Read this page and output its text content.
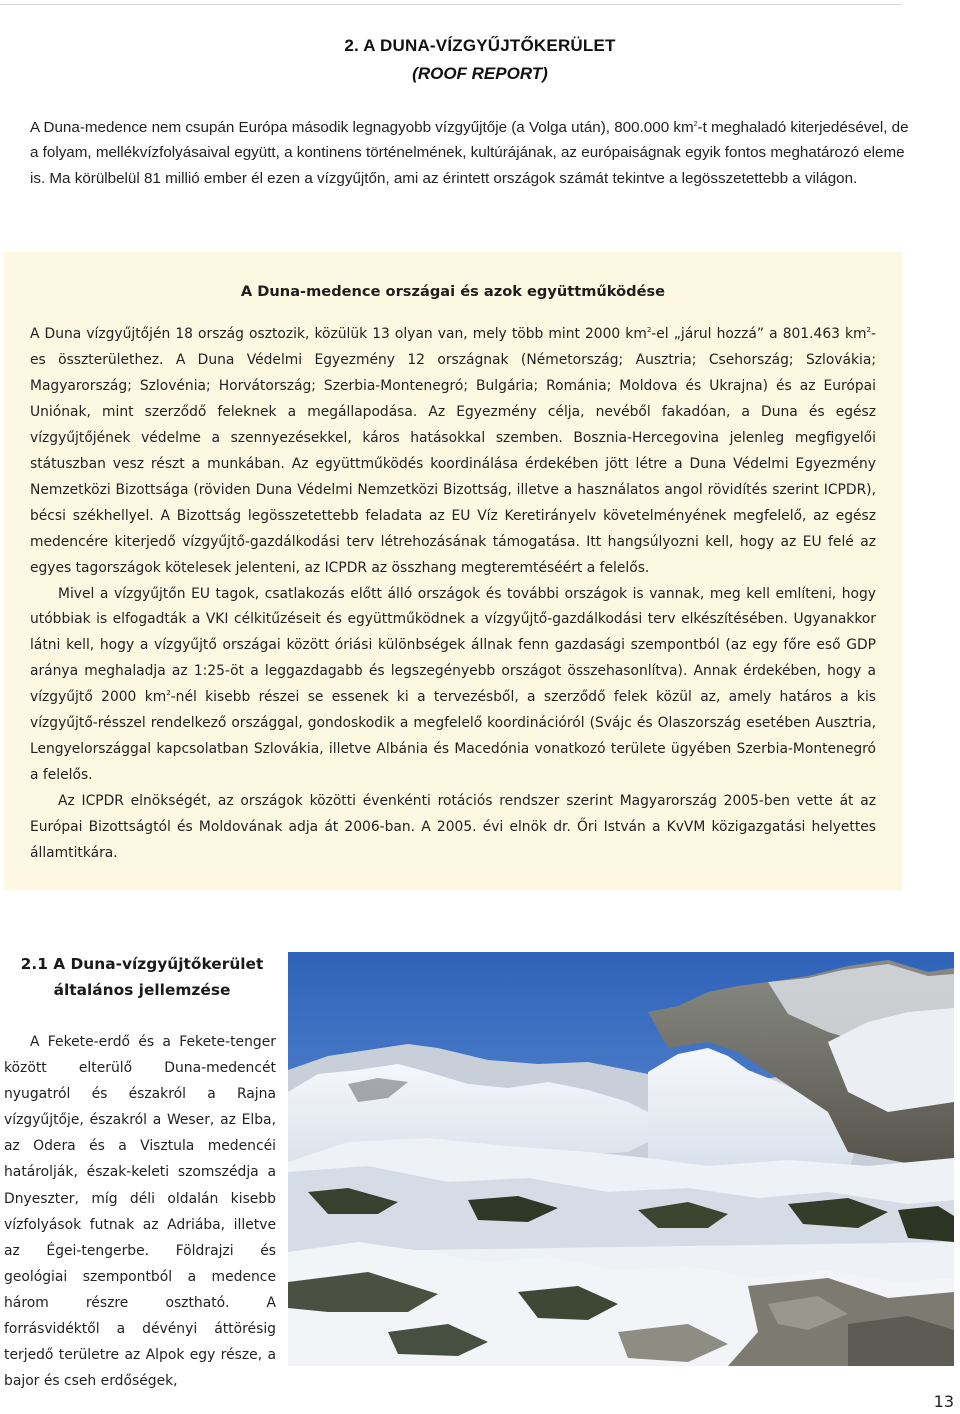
2. A DUNA-VÍZGYŰJTŐKERÜLET
(ROOF REPORT)

A Duna-medence nem csupán Európa második legnagyobb vízgyűjtője (a Volga után), 800.000 $km^2-t$ meghaladó kiterjedésével, de a folyam, mellékvízfolyásaival együtt, a kontinens történelmének, kultúrájának, az európaiságnak egyik fontos meghatározó eleme is. Ma körülbelül 81 millió ember él ezen a vízgyűjtőn, ami az érintett országok számát tekintve a legösszetettebb a világon.

A Duna-medence országai és azok együttműködése

A Duna vízgyűjtőjén 18 ország osztozik, közülük 13 olyan van, mely több mint 2000 $km^2-el$ „járul hozzá” a 801.463 $km^2-es$ összterülethez. A Duna Védelmi Egyezmény 12 országnak (Németország; Ausztria; Csehország; Szlovákia; Magyarország; Szlovénia; Horvátország; Szerbia-Montenegró; Bulgária; Románia; Moldova és Ukrajna) és az Európai Uniónak, mint szerződő feleknek a megállapodása. Az Egyezmény célja, nevéből fakadóan, a Duna és egész vízgyűjtőjének védelme a szennyezésekkel, káros hatásokkal szemben. Bosznia-Hercegovina jelenleg megfigyelői státuszban vesz részt a munkában. Az együttműködés koordinálása érdekében jött létre a Duna Védelmi Egyezmény Nemzetközi Bizottsága (röviden Duna Védelmi Nemzetközi Bizottság, illetve a használatos angol rövidítés szerint ICPDR), bécsi székhellyel. A Bizottság legösszetettebb feladata az EU Víz Keretirányelv követelményének megfelelő, az egész medencére kiterjedő vízgyűjtő-gazdálkodási terv létrehozásának támogatása. Itt hangsúlyozni kell, hogy az EU felé az egyes tagországok kötelesek jelenteni, az ICPDR az összhang megteremtéséért a felelős.

Mivel a vízgyűjtőn EU tagok, csatlakozás előtt álló országok és további országok is vannak, meg kell említeni, hogy utóbbiak is elfogadták a VKI célkitűzéseit és együttműködnek a vízgyűjtő-gazdálkodási terv elkészítésében. Ugyanakkor látni kell, hogy a vízgyűjtő országai között óriási különbségek állnak fenn gazdasági szempontból (az egy főre eső GDP aránya meghaladja az 1:25-öt a leggazdagabb és legszegényebb országot összehasonlítva). Annak érdekében, hogy a vízgyűjtő 2000 $km^2$-nél kisebb részei se essenek ki a tervezésből, a szerződő felek közül az, amely határos a kis vízgyűjtő-résszel rendelkező országgal, gondoskodik a megfelelő koordinációról (Svájc és Olaszország esetében Ausztria, Lengyelországgal kapcsolatban Szlovákia, illetve Albánia és Macedónia vonatkozó területe ügyében Szerbia-Montenegró a felelős.

Az ICPDR elnökségét, az országok közötti évenkénti rotációs rendszer szerint Magyarország 2005-ben vette át az Európai Bizottságtól és Moldovának adja át 2006-ban. A 2005. évi elnök dr. Őri István a KvVM közigazgatási helyettes államtitkára.

2.1 A Duna-vízgyűjtőkerület
általános jellemzése

A Fekete-erdő és a Fekete-tenger között elterülő Duna-medencét nyugatról és északról a Rajna vízgyűjtője, északról a Weser, az Elba, az Odera és a Visztula medencéi határolják, észak-keleti szomszédja a Dnyeszter, míg déli oldalán kisebb vízfolyások futnak az Adriába, illetve az Égei-tengerbe. Földrajzi és geológiai szempontból a medence három részre osztható. A forrásvidéktől a dévényi áttörésig terjedő területre az Alpok egy része, a bajor és cseh erdőségek,

13
